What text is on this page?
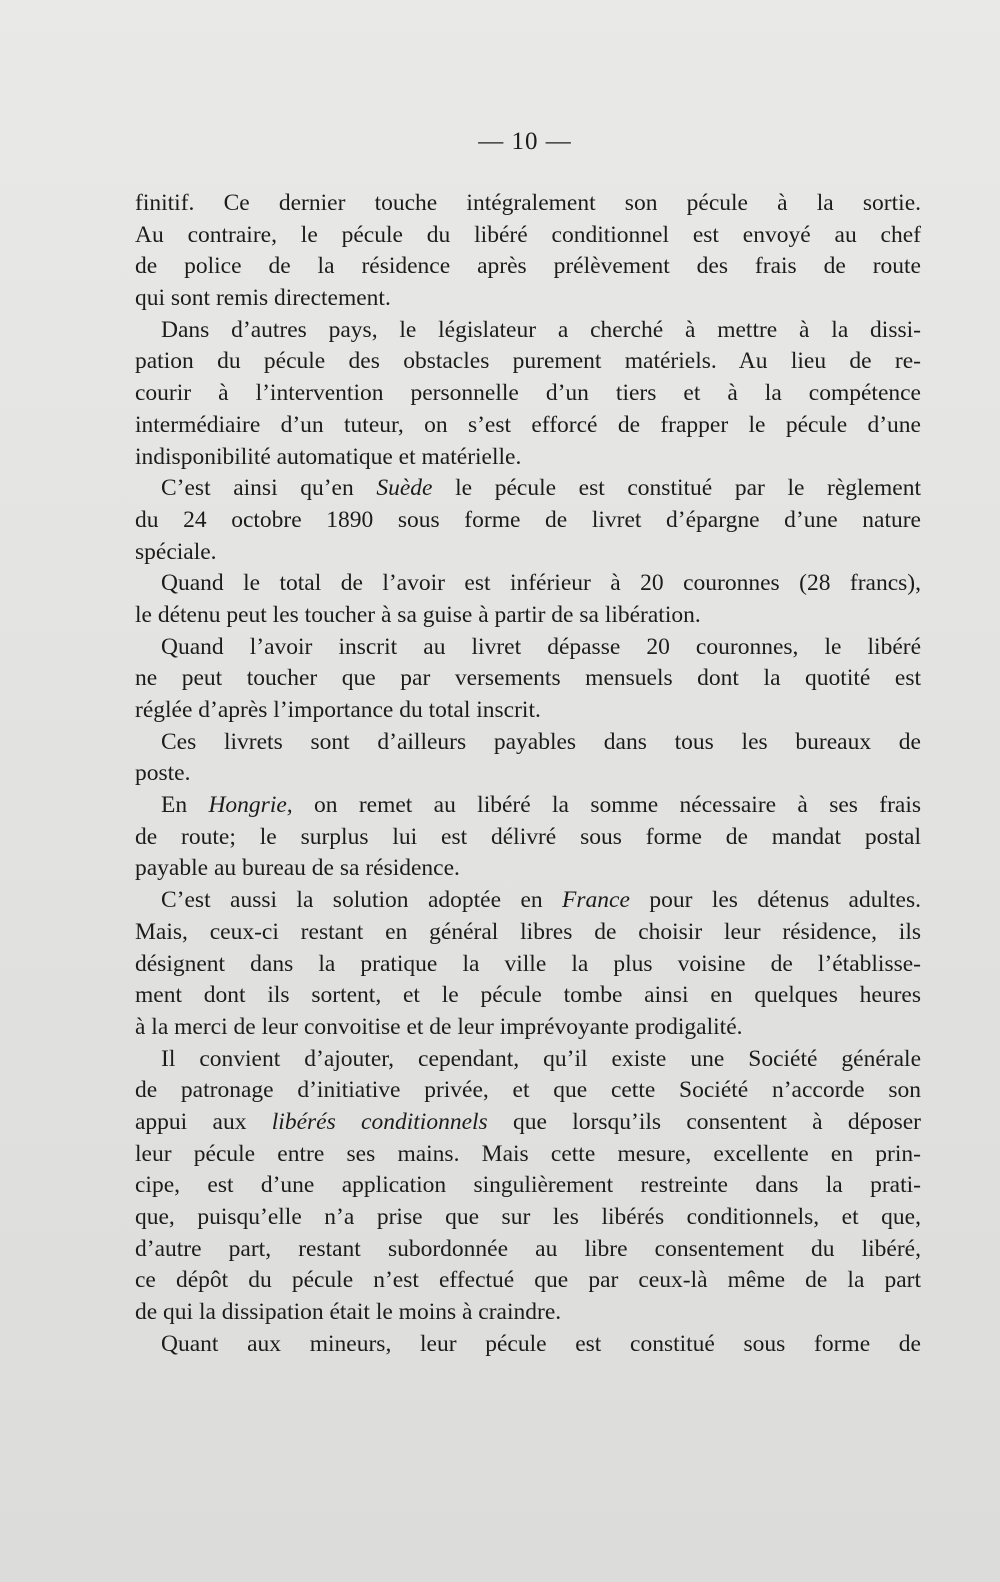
— 10 —
finitif. Ce dernier touche intégralement son pécule à la sortie.
Au contraire, le pécule du libéré conditionnel est envoyé au chef
de police de la résidence après prélèvement des frais de route
qui sont remis directement.
Dans d’autres pays, le législateur a cherché à mettre à la dissi-
pation du pécule des obstacles purement matériels. Au lieu de re-
courir à l’intervention personnelle d’un tiers et à la compétence
intermédiaire d’un tuteur, on s’est efforcé de frapper le pécule d’une
indisponibilité automatique et matérielle.
C’est ainsi qu’en Suède le pécule est constitué par le règlement
du 24 octobre 1890 sous forme de livret d’épargne d’une nature
spéciale.
Quand le total de l’avoir est inférieur à 20 couronnes (28 francs),
le détenu peut les toucher à sa guise à partir de sa libération.
Quand l’avoir inscrit au livret dépasse 20 couronnes, le libéré
ne peut toucher que par versements mensuels dont la quotité est
réglée d’après l’importance du total inscrit.
Ces livrets sont d’ailleurs payables dans tous les bureaux de
poste.
En Hongrie, on remet au libéré la somme nécessaire à ses frais
de route; le surplus lui est délivré sous forme de mandat postal
payable au bureau de sa résidence.
C’est aussi la solution adoptée en France pour les détenus adultes.
Mais, ceux-ci restant en général libres de choisir leur résidence, ils
désignent dans la pratique la ville la plus voisine de l’établisse-
ment dont ils sortent, et le pécule tombe ainsi en quelques heures
à la merci de leur convoitise et de leur imprévoyante prodigalité.
Il convient d’ajouter, cependant, qu’il existe une Société générale
de patronage d’initiative privée, et que cette Société n’accorde son
appui aux libérés conditionnels que lorsqu’ils consentent à déposer
leur pécule entre ses mains. Mais cette mesure, excellente en prin-
cipe, est d’une application singulièrement restreinte dans la prati-
que, puisqu’elle n’a prise que sur les libérés conditionnels, et que,
d’autre part, restant subordonnée au libre consentement du libéré,
ce dépôt du pécule n’est effectué que par ceux-là même de la part
de qui la dissipation était le moins à craindre.
Quant aux mineurs, leur pécule est constitué sous forme de
